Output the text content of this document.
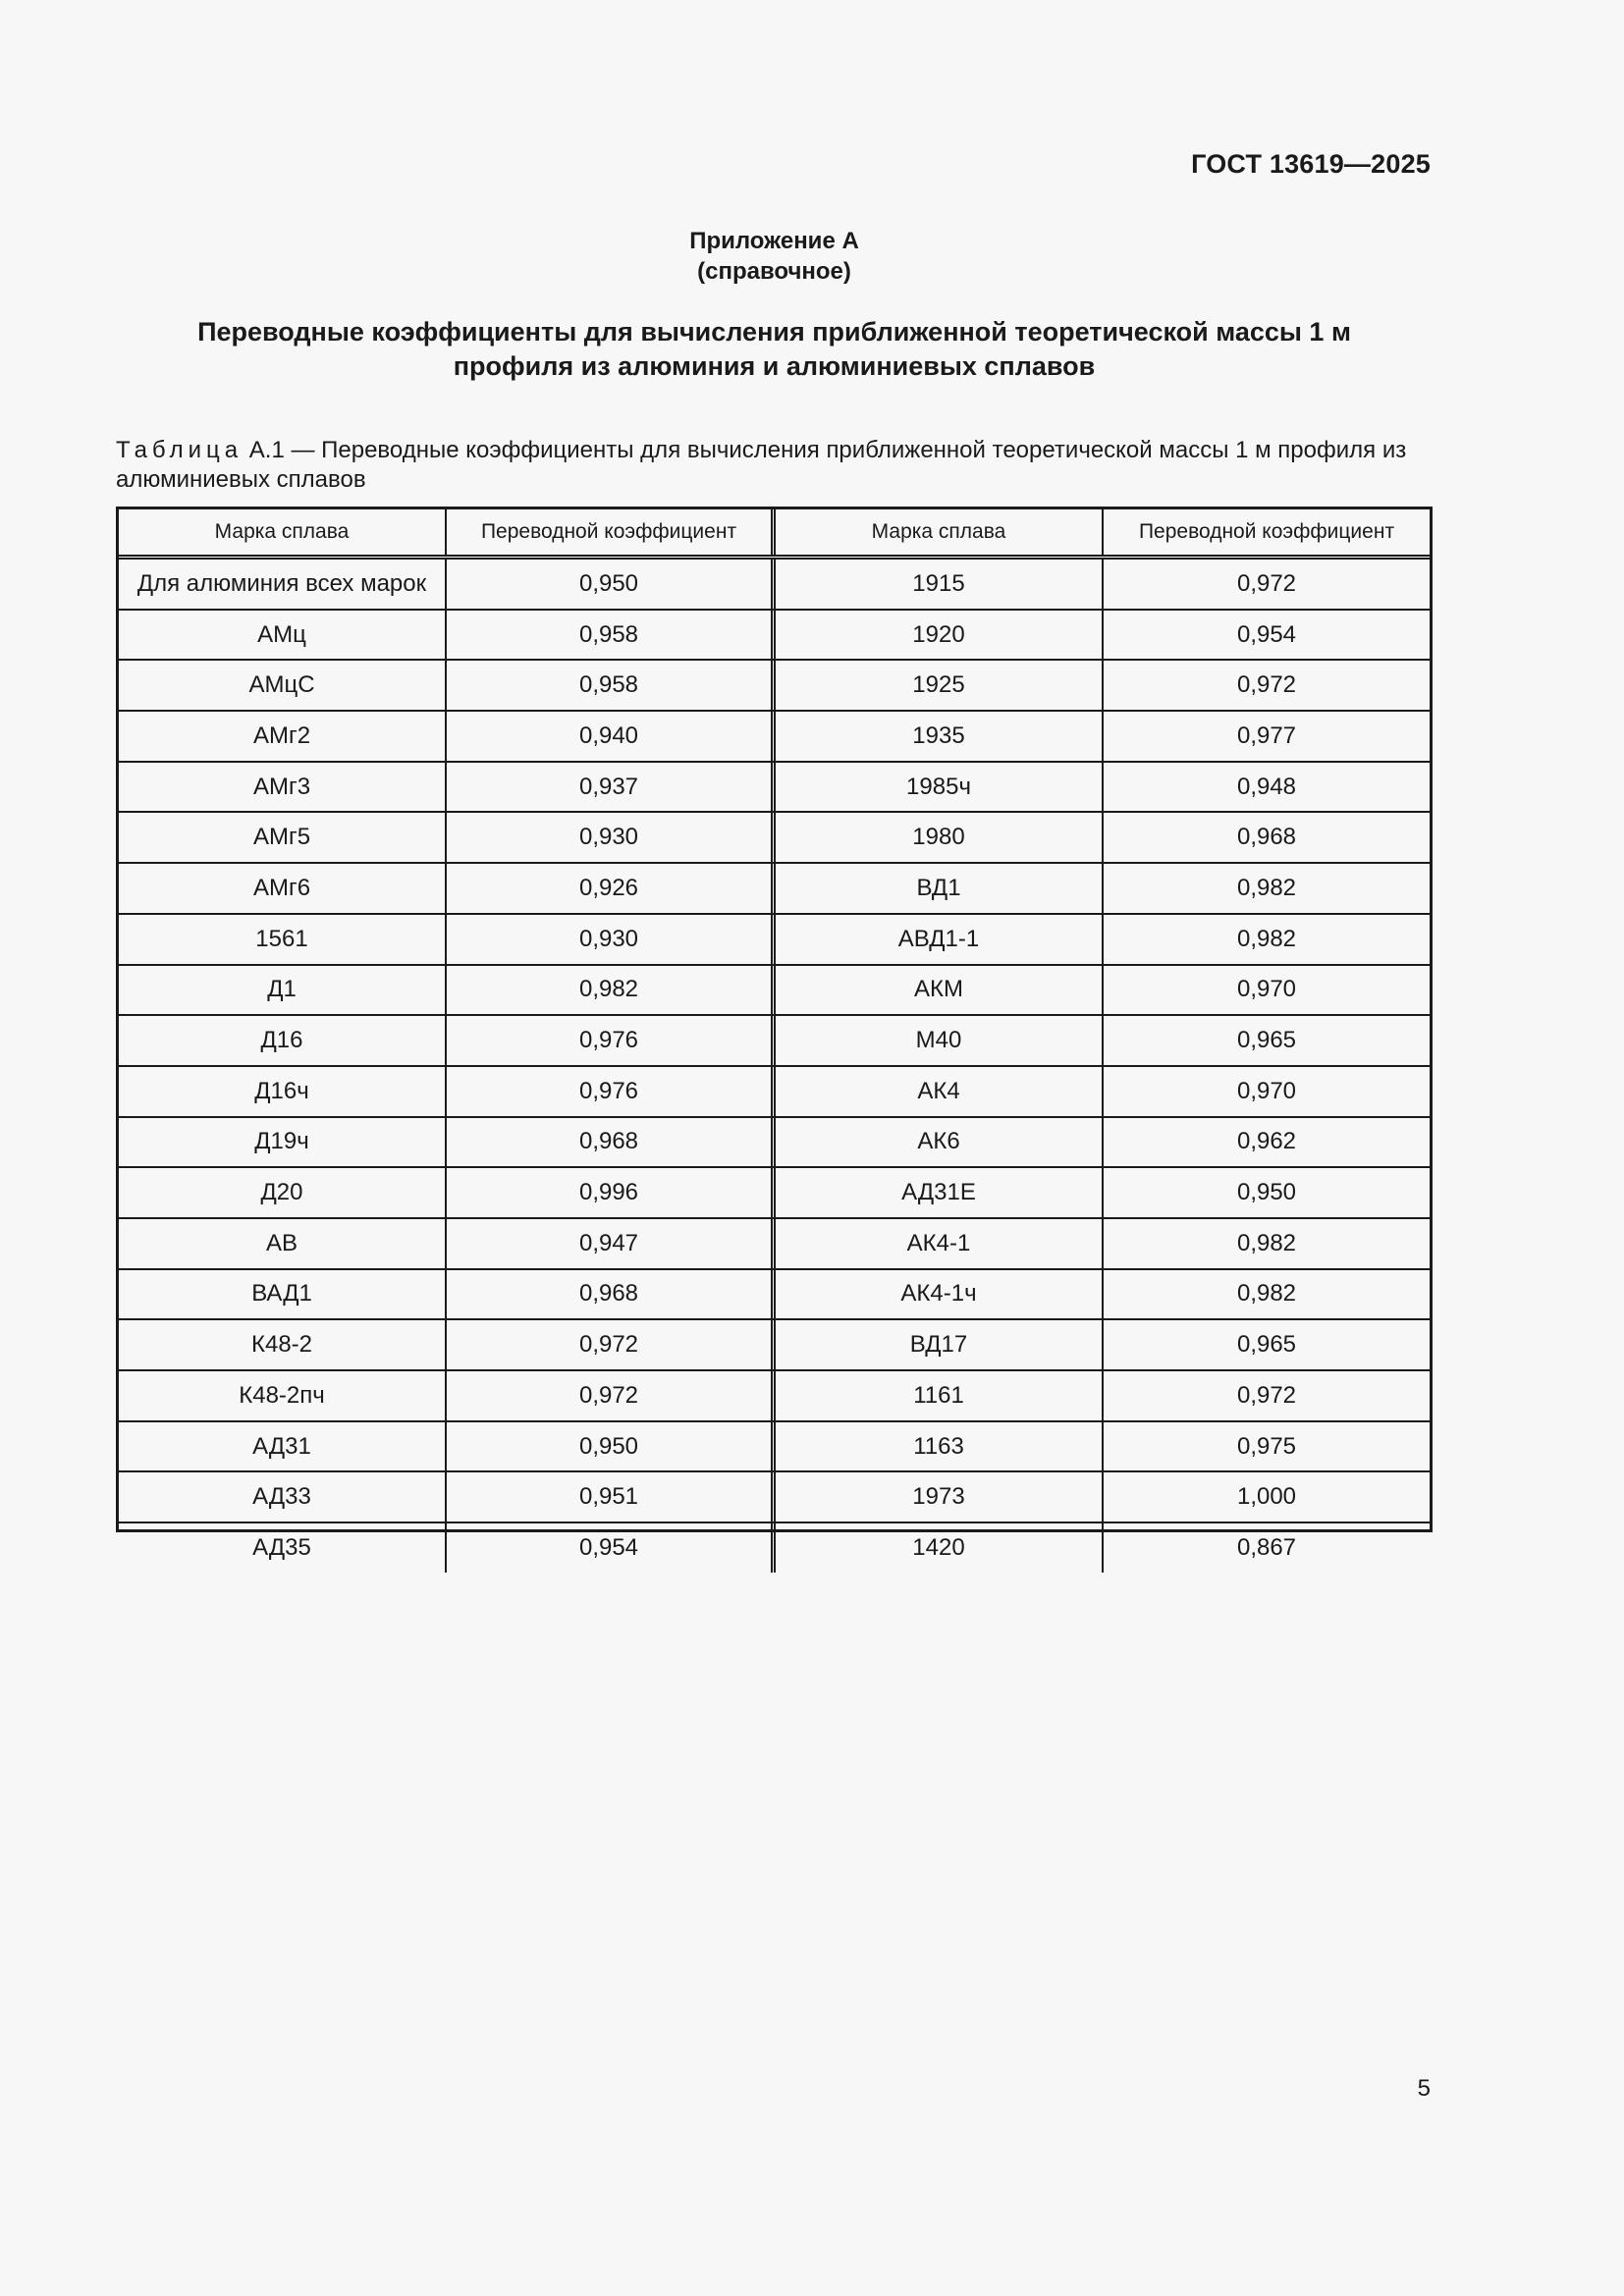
ГОСТ 13619—2025
Приложение А
(справочное)
Переводные коэффициенты для вычисления приближенной теоретической массы 1 м
профиля из алюминия и алюминиевых сплавов
Таблица А.1 — Переводные коэффициенты для вычисления приближенной теоретической массы 1 м профиля из алюминиевых сплавов
Марка сплава	Переводной коэффициент	Марка сплава	Переводной коэффициент
Для алюминия всех марок	0,950	1915	0,972
АМц	0,958	1920	0,954
АМцС	0,958	1925	0,972
АМг2	0,940	1935	0,977
АМг3	0,937	1985ч	0,948
АМг5	0,930	1980	0,968
АМг6	0,926	ВД1	0,982
1561	0,930	АВД1-1	0,982
Д1	0,982	АКМ	0,970
Д16	0,976	М40	0,965
Д16ч	0,976	АК4	0,970
Д19ч	0,968	АК6	0,962
Д20	0,996	АД31Е	0,950
АВ	0,947	АК4-1	0,982
ВАД1	0,968	АК4-1ч	0,982
К48-2	0,972	ВД17	0,965
К48-2пч	0,972	1161	0,972
АД31	0,950	1163	0,975
АД33	0,951	1973	1,000
АД35	0,954	1420	0,867
5
